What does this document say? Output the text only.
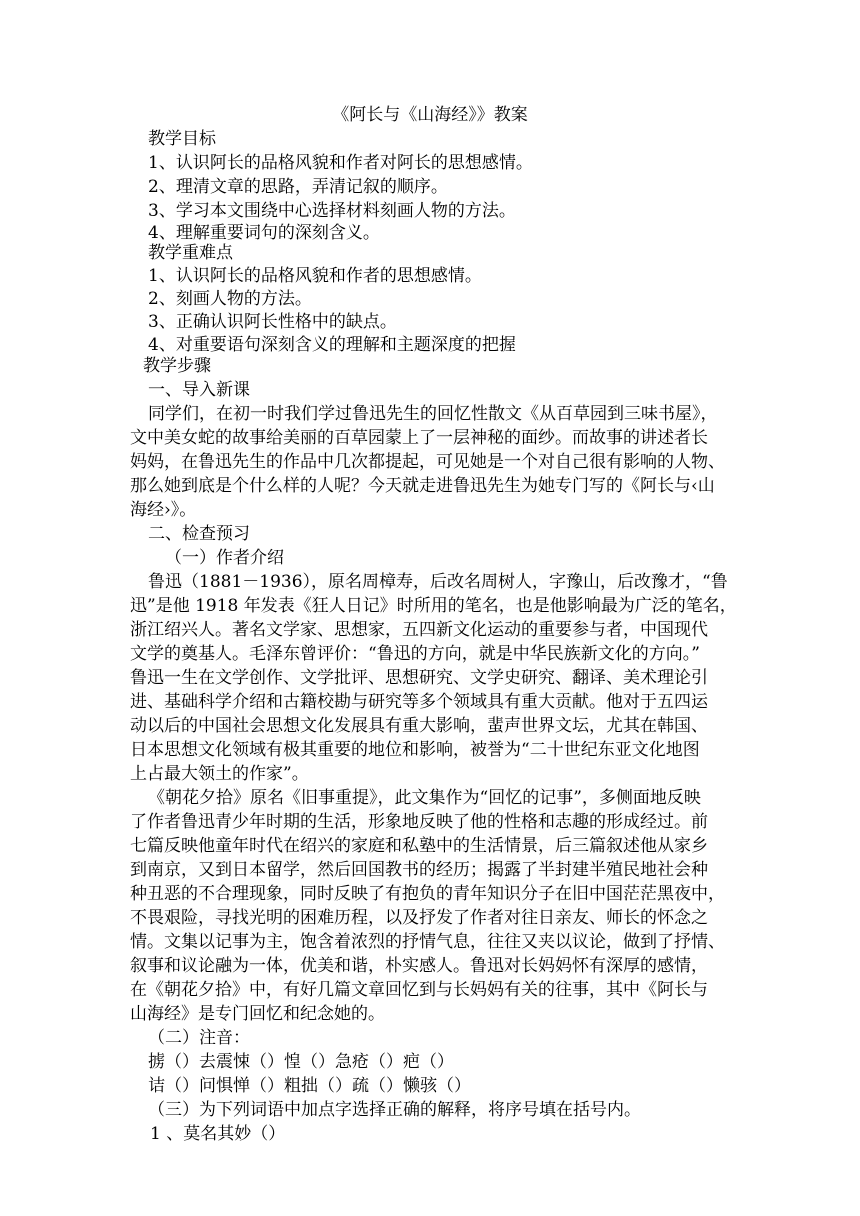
《阿长与《山海经》》教案
教学目标
1、认识阿长的品格风貌和作者对阿长的思想感情。
2、理清文章的思路，弄清记叙的顺序。
3、学习本文围绕中心选择材料刻画人物的方法。
4、理解重要词句的深刻含义。
教学重难点
1、认识阿长的品格风貌和作者的思想感情。
2、刻画人物的方法。
3、正确认识阿长性格中的缺点。
4、对重要语句深刻含义的理解和主题深度的把握
教学步骤
一、导入新课
同学们，在初一时我们学过鲁迅先生的回忆性散文《从百草园到三味书屋》，
文中美女蛇的故事给美丽的百草园蒙上了一层神秘的面纱。而故事的讲述者长
妈妈，在鲁迅先生的作品中几次都提起，可见她是一个对自己很有影响的人物、
那么她到底是个什么样的人呢？今天就走进鲁迅先生为她专门写的《阿长与‹山
海经›》。
二、检查预习
（一）作者介绍
鲁迅（1881－1936），原名周樟寿，后改名周树人，字豫山，后改豫才，“鲁
迅”是他 1918 年发表《狂人日记》时所用的笔名，也是他影响最为广泛的笔名，
浙江绍兴人。著名文学家、思想家，五四新文化运动的重要参与者，中国现代
文学的奠基人。毛泽东曾评价：“鲁迅的方向，就是中华民族新文化的方向。”
鲁迅一生在文学创作、文学批评、思想研究、文学史研究、翻译、美术理论引
进、基础科学介绍和古籍校勘与研究等多个领域具有重大贡献。他对于五四运
动以后的中国社会思想文化发展具有重大影响，蜚声世界文坛，尤其在韩国、
日本思想文化领域有极其重要的地位和影响，被誉为“二十世纪东亚文化地图
上占最大领土的作家”。
《朝花夕拾》原名《旧事重提》，此文集作为“回忆的记事”，多侧面地反映
了作者鲁迅青少年时期的生活，形象地反映了他的性格和志趣的形成经过。前
七篇反映他童年时代在绍兴的家庭和私塾中的生活情景，后三篇叙述他从家乡
到南京，又到日本留学，然后回国教书的经历；揭露了半封建半殖民地社会种
种丑恶的不合理现象，同时反映了有抱负的青年知识分子在旧中国茫茫黑夜中，
不畏艰险，寻找光明的困难历程，以及抒发了作者对往日亲友、师长的怀念之
情。文集以记事为主，饱含着浓烈的抒情气息，往往又夹以议论，做到了抒情、
叙事和议论融为一体，优美和谐，朴实感人。鲁迅对长妈妈怀有深厚的感情，
在《朝花夕拾》中，有好几篇文章回忆到与长妈妈有关的往事，其中《阿长与
山海经》是专门回忆和纪念她的。
（二）注音：
掳（）去震悚（）惶（）急疮（）疤（）
诘（）问惧惮（）粗拙（）疏（）懒骇（）
（三）为下列词语中加点字选择正确的解释，将序号填在括号内。
1 、莫名其妙（）
